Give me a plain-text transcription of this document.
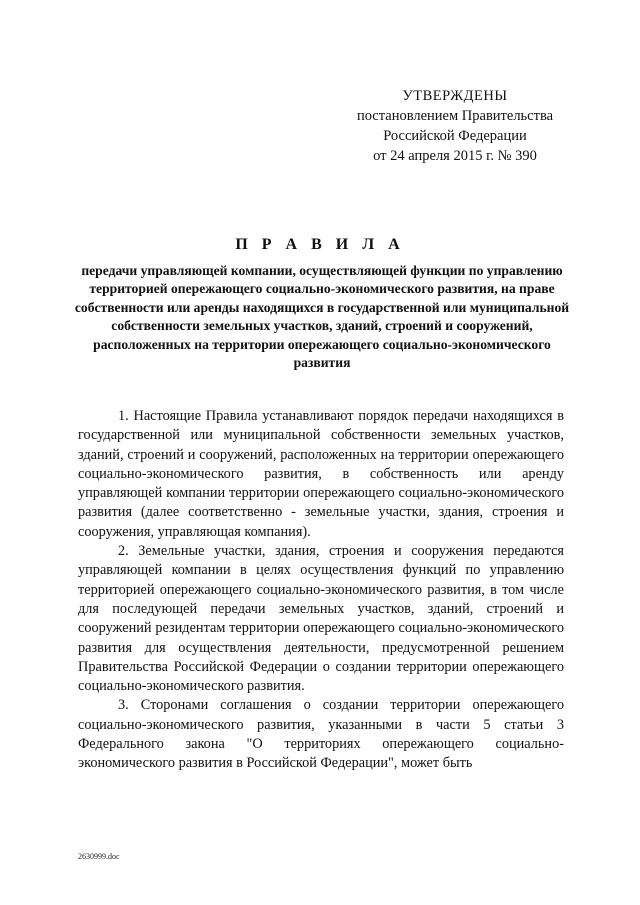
УТВЕРЖДЕНЫ
постановлением Правительства
Российской Федерации
от 24 апреля 2015 г. № 390
П Р А В И Л А
передачи управляющей компании, осуществляющей функции по управлению территорией опережающего социально-экономического развития, на праве собственности или аренды находящихся в государственной или муниципальной собственности земельных участков, зданий, строений и сооружений, расположенных на территории опережающего социально-экономического развития

1. Настоящие Правила устанавливают порядок передачи находящихся в государственной или муниципальной собственности земельных участков, зданий, строений и сооружений, расположенных на территории опережающего социально-экономического развития, в собственность или аренду управляющей компании территории опережающего социально-экономического развития (далее соответственно - земельные участки, здания, строения и сооружения, управляющая компания).

2. Земельные участки, здания, строения и сооружения передаются управляющей компании в целях осуществления функций по управлению территорией опережающего социально-экономического развития, в том числе для последующей передачи земельных участков, зданий, строений и сооружений резидентам территории опережающего социально-экономического развития для осуществления деятельности, предусмотренной решением Правительства Российской Федерации о создании территории опережающего социально-экономического развития.

3. Сторонами соглашения о создании территории опережающего социально-экономического развития, указанными в части 5 статьи 3 Федерального закона "О территориях опережающего социально-экономического развития в Российской Федерации", может быть

2630999.doc
